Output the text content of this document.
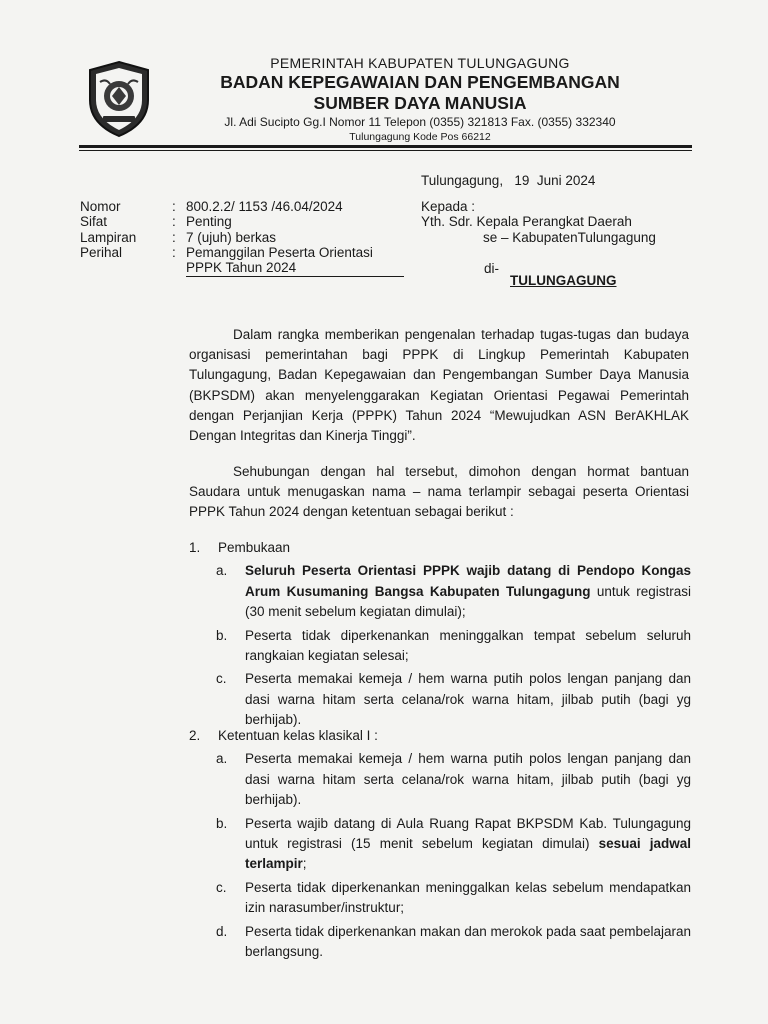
PEMERINTAH KABUPATEN TULUNGAGUNG
BADAN KEPEGAWAIAN DAN PENGEMBANGAN
SUMBER DAYA MANUSIA
Jl. Adi Sucipto Gg.I Nomor 11 Telepon (0355) 321813 Fax. (0355) 332340
Tulungagung Kode Pos 66212
Tulungagung,   19  Juni 2024
Nomor	: 800.2.2/ 1153 /46.04/2024
Sifat	: Penting
Lampiran	: 7 (ujuh) berkas
Perihal	: Pemanggilan Peserta Orientasi
PPPK Tahun 2024
Kepada :
Yth. Sdr. Kepala Perangkat Daerah
se – KabupatenTulungagung
di-
TULUNGAGUNG
Dalam rangka memberikan pengenalan terhadap tugas-tugas dan budaya organisasi pemerintahan bagi PPPK di Lingkup Pemerintah Kabupaten Tulungagung, Badan Kepegawaian dan Pengembangan Sumber Daya Manusia (BKPSDM) akan menyelenggarakan Kegiatan Orientasi Pegawai Pemerintah dengan Perjanjian Kerja (PPPK) Tahun 2024 “Mewujudkan ASN BerAKHLAK Dengan Integritas dan Kinerja Tinggi”.
Sehubungan dengan hal tersebut, dimohon dengan hormat bantuan Saudara untuk menugaskan nama – nama terlampir sebagai peserta Orientasi PPPK Tahun 2024 dengan ketentuan sebagai berikut :
1.	Pembukaan
a.	Seluruh Peserta Orientasi PPPK wajib datang di Pendopo Kongas Arum Kusumaning Bangsa Kabupaten Tulungagung untuk registrasi (30 menit sebelum kegiatan dimulai);
b.	Peserta tidak diperkenankan meninggalkan tempat sebelum seluruh rangkaian kegiatan selesai;
c.	Peserta memakai kemeja / hem warna putih polos lengan panjang dan dasi warna hitam serta celana/rok warna hitam, jilbab putih (bagi yg berhijab).
2.	Ketentuan kelas klasikal I :
a.	Peserta memakai kemeja / hem warna putih polos lengan panjang dan dasi warna hitam serta celana/rok warna hitam, jilbab putih (bagi yg berhijab).
b.	Peserta wajib datang di Aula Ruang Rapat BKPSDM Kab. Tulungagung untuk registrasi (15 menit sebelum kegiatan dimulai) sesuai jadwal terlampir;
c.	Peserta tidak diperkenankan meninggalkan kelas sebelum mendapatkan izin narasumber/instruktur;
d.	Peserta tidak diperkenankan makan dan merokok pada saat pembelajaran berlangsung.
